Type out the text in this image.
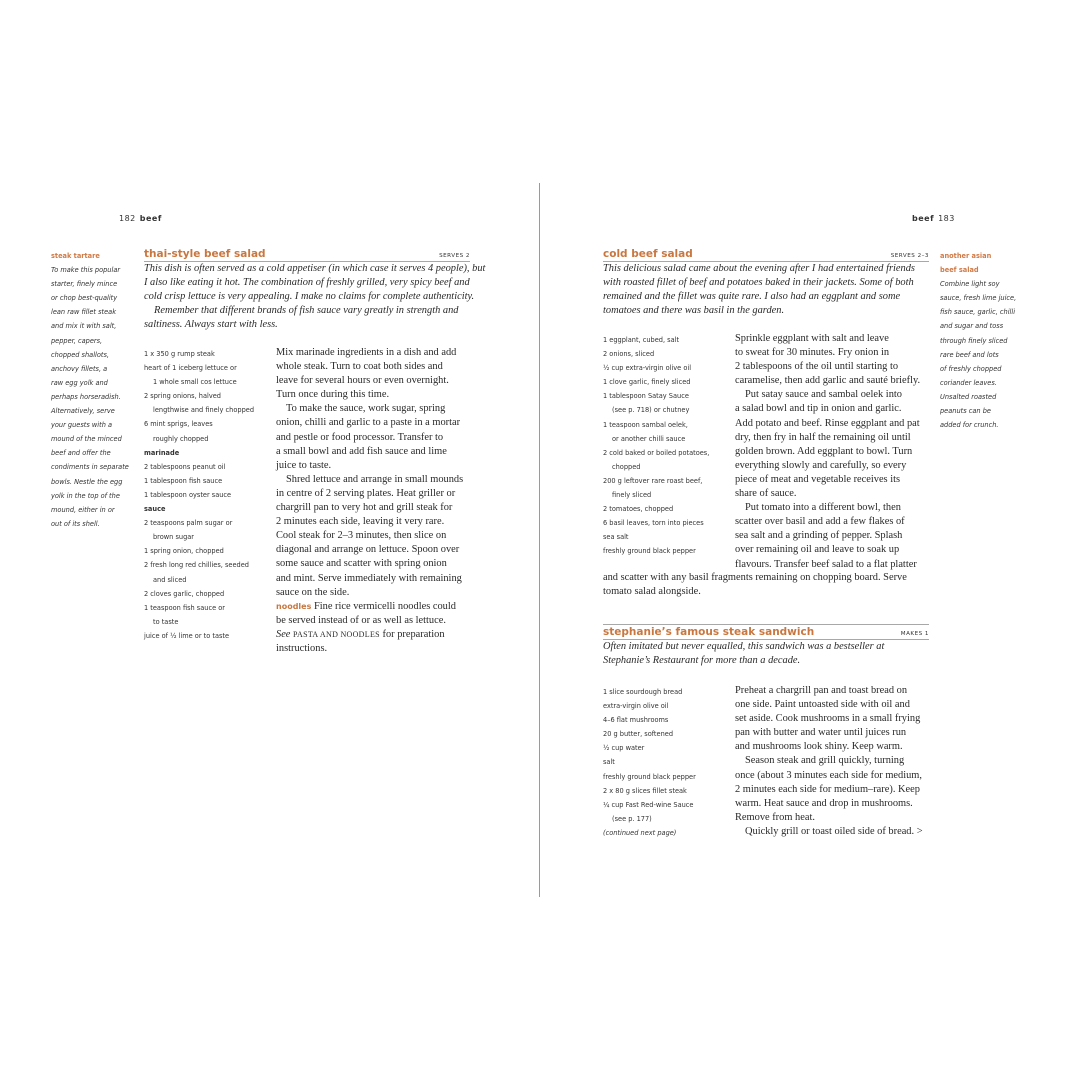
182 beef
steak tartare
To make this popular
starter, finely mince
or chop best-quality
lean raw fillet steak
and mix it with salt,
pepper, capers,
chopped shallots,
anchovy fillets, a
raw egg yolk and
perhaps horseradish.
Alternatively, serve
your guests with a
mound of the minced
beef and offer the
condiments in separate
bowls. Nestle the egg
yolk in the top of the
mound, either in or
out of its shell.
thai-style beef salad	SERVES 2
This dish is often served as a cold appetiser (in which case it serves 4 people), but
I also like eating it hot. The combination of freshly grilled, very spicy beef and
cold crisp lettuce is very appealing. I make no claims for complete authenticity.
Remember that different brands of fish sauce vary greatly in strength and
saltiness. Always start with less.
1 x 350 g rump steak
heart of 1 iceberg lettuce or
1 whole small cos lettuce
2 spring onions, halved
lengthwise and finely chopped
6 mint sprigs, leaves
roughly chopped
marinade
2 tablespoons peanut oil
1 tablespoon fish sauce
1 tablespoon oyster sauce
sauce
2 teaspoons palm sugar or
brown sugar
1 spring onion, chopped
2 fresh long red chillies, seeded
and sliced
2 cloves garlic, chopped
1 teaspoon fish sauce or
to taste
juice of ½ lime or to taste
Mix marinade ingredients in a dish and add
whole steak. Turn to coat both sides and
leave for several hours or even overnight.
Turn once during this time.
To make the sauce, work sugar, spring
onion, chilli and garlic to a paste in a mortar
and pestle or food processor. Transfer to
a small bowl and add fish sauce and lime
juice to taste.
Shred lettuce and arrange in small mounds
in centre of 2 serving plates. Heat griller or
chargrill pan to very hot and grill steak for
2 minutes each side, leaving it very rare.
Cool steak for 2–3 minutes, then slice on
diagonal and arrange on lettuce. Spoon over
some sauce and scatter with spring onion
and mint. Serve immediately with remaining
sauce on the side.
noodles Fine rice vermicelli noodles could
be served instead of or as well as lettuce.
See PASTA AND NOODLES for preparation
instructions.
beef 183
cold beef salad	SERVES 2–3
This delicious salad came about the evening after I had entertained friends
with roasted fillet of beef and potatoes baked in their jackets. Some of both
remained and the fillet was quite rare. I also had an eggplant and some
tomatoes and there was basil in the garden.
another asian
beef salad
Combine light soy
sauce, fresh lime juice,
fish sauce, garlic, chilli
and sugar and toss
through finely sliced
rare beef and lots
of freshly chopped
coriander leaves.
Unsalted roasted
peanuts can be
added for crunch.
1 eggplant, cubed, salt
2 onions, sliced
½ cup extra-virgin olive oil
1 clove garlic, finely sliced
1 tablespoon Satay Sauce
(see p. 718) or chutney
1 teaspoon sambal oelek,
or another chilli sauce
2 cold baked or boiled potatoes,
chopped
200 g leftover rare roast beef,
finely sliced
2 tomatoes, chopped
6 basil leaves, torn into pieces
sea salt
freshly ground black pepper
Sprinkle eggplant with salt and leave
to sweat for 30 minutes. Fry onion in
2 tablespoons of the oil until starting to
caramelise, then add garlic and sauté briefly.
Put satay sauce and sambal oelek into
a salad bowl and tip in onion and garlic.
Add potato and beef. Rinse eggplant and pat
dry, then fry in half the remaining oil until
golden brown. Add eggplant to bowl. Turn
everything slowly and carefully, so every
piece of meat and vegetable receives its
share of sauce.
Put tomato into a different bowl, then
scatter over basil and add a few flakes of
sea salt and a grinding of pepper. Splash
over remaining oil and leave to soak up
flavours. Transfer beef salad to a flat platter
and scatter with any basil fragments remaining on chopping board. Serve
tomato salad alongside.
stephanie’s famous steak sandwich	MAKES 1
Often imitated but never equalled, this sandwich was a bestseller at
Stephanie’s Restaurant for more than a decade.
1 slice sourdough bread
extra-virgin olive oil
4–6 flat mushrooms
20 g butter, softened
½ cup water
salt
freshly ground black pepper
2 x 80 g slices fillet steak
¼ cup Fast Red-wine Sauce
(see p. 177)
(continued next page)
Preheat a chargrill pan and toast bread on
one side. Paint untoasted side with oil and
set aside. Cook mushrooms in a small frying
pan with butter and water until juices run
and mushrooms look shiny. Keep warm.
Season steak and grill quickly, turning
once (about 3 minutes each side for medium,
2 minutes each side for medium–rare). Keep
warm. Heat sauce and drop in mushrooms.
Remove from heat.
Quickly grill or toast oiled side of bread. >
